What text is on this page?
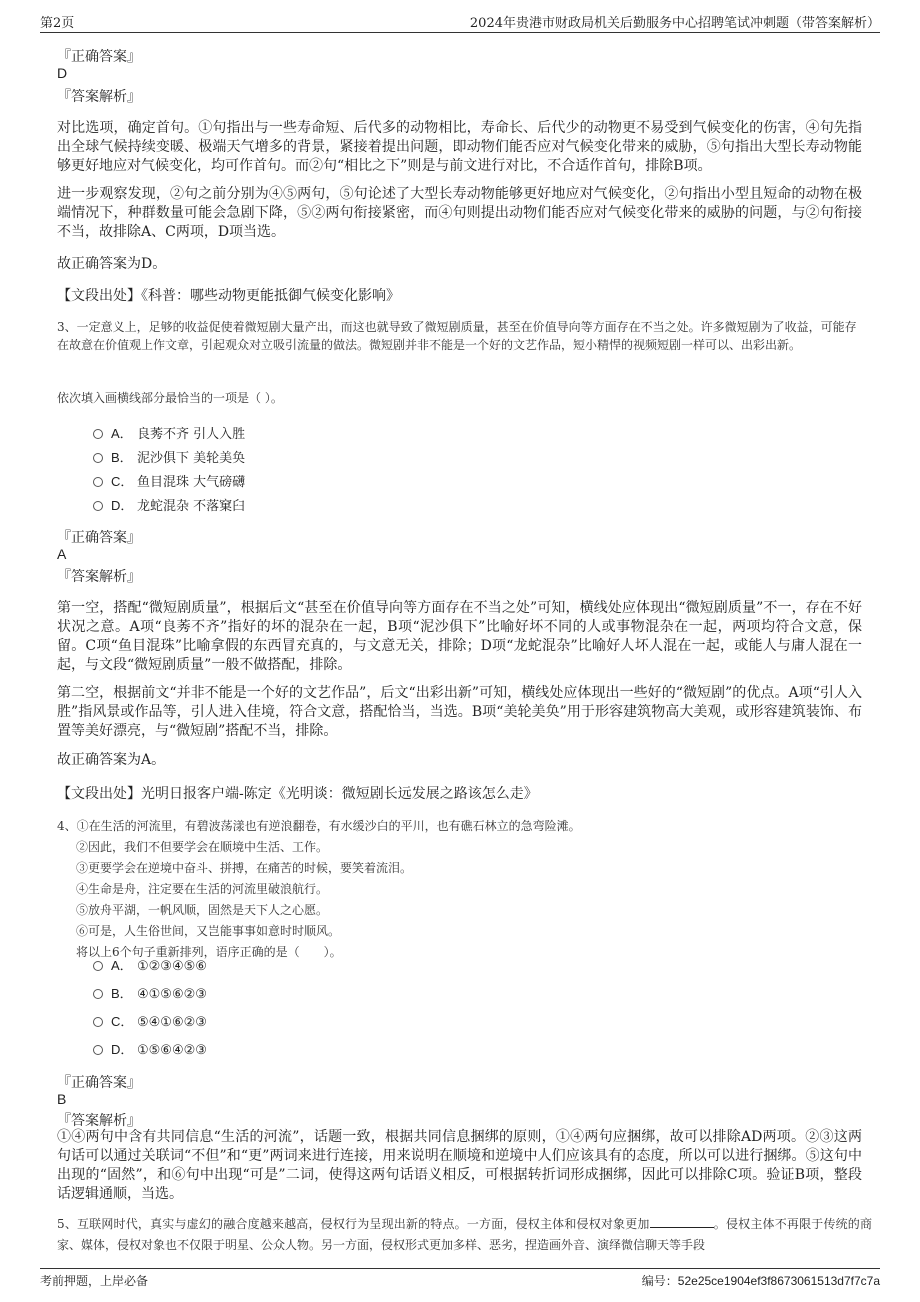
第2页	2024年贵港市财政局机关后勤服务中心招聘笔试冲刺题（带答案解析）
『正确答案』
D
『答案解析』
对比选项，确定首句。①句指出与一些寿命短、后代多的动物相比，寿命长、后代少的动物更不易受到气候变化的伤害，④句先指出全球气候持续变暖、极端天气增多的背景，紧接着提出问题，即动物们能否应对气候变化带来的威胁，⑤句指出大型长寿动物能够更好地应对气候变化，均可作首句。而②句“相比之下”则是与前文进行对比，不合适作首句，排除B项。
进一步观察发现，②句之前分别为④⑤两句，⑤句论述了大型长寿动物能够更好地应对气候变化，②句指出小型且短命的动物在极端情况下，种群数量可能会急剧下降，⑤②两句衔接紧密，而④句则提出动物们能否应对气候变化带来的威胁的问题，与②句衔接不当，故排除A、C两项，D项当选。
故正确答案为D。
【文段出处】《科普：哪些动物更能抵御气候变化影响》
3、一定意义上，足够的收益促使着微短剧大量产出，而这也就导致了微短剧质量，甚至在价值导向等方面存在不当之处。许多微短剧为了收益，可能存在故意在价值观上作文章，引起观众对立吸引流量的做法。微短剧并非不能是一个好的文艺作品，短小精悍的视频短剧一样可以、出彩出新。
依次填入画横线部分最恰当的一项是（ ）。
A． 良莠不齐 引人入胜
B． 泥沙俱下 美轮美奂
C． 鱼目混珠 大气磅礴
D． 龙蛇混杂 不落窠臼
『正确答案』
A
『答案解析』
第一空，搭配“微短剧质量”，根据后文“甚至在价值导向等方面存在不当之处”可知，横线处应体现出“微短剧质量”不一，存在不好状况之意。A项“良莠不齐”指好的坏的混杂在一起，B项“泥沙俱下”比喻好坏不同的人或事物混杂在一起，两项均符合文意，保留。C项“鱼目混珠”比喻拿假的东西冒充真的，与文意无关，排除；D项“龙蛇混杂”比喻好人坏人混在一起，或能人与庸人混在一起，与文段“微短剧质量”一般不做搭配，排除。
第二空，根据前文“并非不能是一个好的文艺作品”，后文“出彩出新”可知，横线处应体现出一些好的“微短剧”的优点。A项“引人入胜”指风景或作品等，引人进入佳境，符合文意，搭配恰当，当选。B项“美轮美奂”用于形容建筑物高大美观，或形容建筑装饰、布置等美好漂亮，与“微短剧”搭配不当，排除。
故正确答案为A。
【文段出处】光明日报客户端-陈定《光明谈：微短剧长远发展之路该怎么走》
4、①在生活的河流里，有碧波荡漾也有逆浪翻卷，有水缓沙白的平川，也有礁石林立的急弯险滩。
②因此，我们不但要学会在顺境中生活、工作。
③更要学会在逆境中奋斗、拼搏，在痛苦的时候，要笑着流泪。
④生命是舟，注定要在生活的河流里破浪航行。
⑤放舟平湖，一帆风顺，固然是天下人之心愿。
⑥可是，人生俗世间，又岂能事事如意时时顺风。
将以上6个句子重新排列，语序正确的是（　　）。
A． ①②③④⑤⑥
B． ④①⑤⑥②③
C． ⑤④①⑥②③
D． ①⑤⑥④②③
『正确答案』
B
『答案解析』
①④两句中含有共同信息“生活的河流”，话题一致，根据共同信息捆绑的原则，①④两句应捆绑，故可以排除AD两项。②③这两句话可以通过关联词“不但”和“更”两词来进行连接，用来说明在顺境和逆境中人们应该具有的态度，所以可以进行捆绑。⑤这句中出现的“固然”，和⑥句中出现“可是”二词，使得这两句话语义相反，可根据转折词形成捆绑，因此可以排除C项。验证B项，整段话逻辑通顺，当选。
5、互联网时代，真实与虚幻的融合度越来越高，侵权行为呈现出新的特点。一方面，侵权主体和侵权对象更加	。侵权主体不再限于传统的商家、媒体，侵权对象也不仅限于明星、公众人物。另一方面，侵权形式更加多样、恶劣，捏造画外音、演绎微信聊天等手段
考前押题，上岸必备	编号：52e25ce1904ef3f8673061513d7f7c7a
